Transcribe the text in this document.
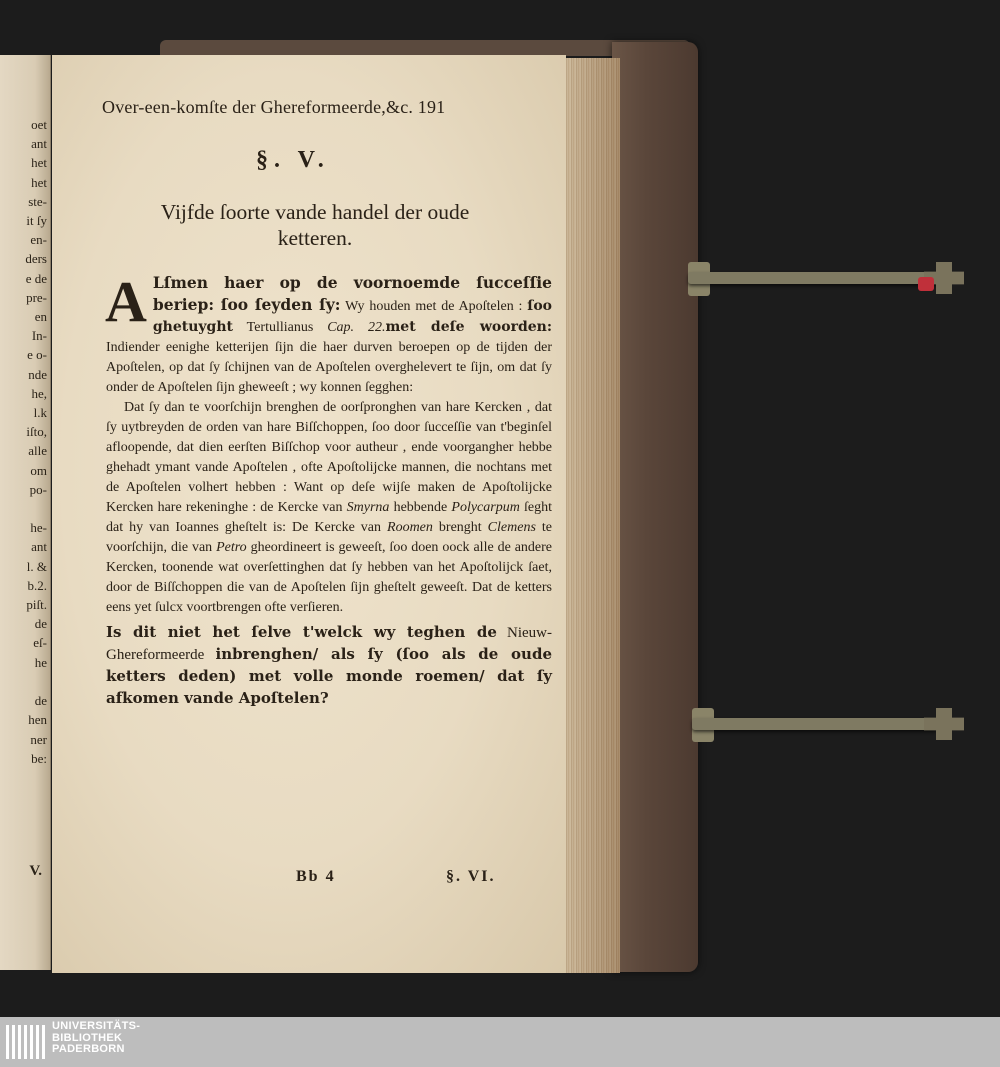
oet
ant
het
het
ste-
it ſy
en-
ders
e de
pre-
en
In-
e o-
nde
he,
l.k
iſto,
alle
om
po-

he-
ant
l. &
b.2.
piſt.
de
eſ-
he

de
hen
ner
be:
V.
Over-een-komſte der Ghereformeerde,&c. 191
§. V.
Vijfde ſoorte vande handel der oude
ketteren.

A Lſmen haer op de voornoemde ſucceſſie beriep: ſoo ſeyden ſy: Wy houden met de Apoſtelen : ſoo ghetuyght Tertullianus Cap. 22.met deſe woorden: Indiender eenighe ketterijen ſijn die haer durven beroepen op de tijden der Apoſtelen, op dat ſy ſchijnen van de Apoſtelen overghelevert te ſijn, om dat ſy onder de Apoſtelen ſijn gheweeſt ; wy konnen ſegghen:

Dat ſy dan te voorſchijn brenghen de oorſpronghen van hare Kercken , dat ſy uytbreyden de orden van hare Biſſchoppen, ſoo door ſucceſſie van t'beginſel afloopende, dat dien eerſten Biſſchop voor autheur , ende voorgangher hebbe ghehadt ymant vande Apoſtelen , ofte Apoſtolijcke mannen, die nochtans met de Apoſtelen volhert hebben : Want op deſe wijſe maken de Apoſtolijcke Kercken hare rekeninghe : de Kercke van Smyrna hebbende Polycarpum ſeght dat hy van Ioannes gheſtelt is: De Kercke van Roomen brenght Clemens te voorſchijn, die van Petro gheordineert is geweeſt, ſoo doen oock alle de andere Kercken, toonende wat overſettinghen dat ſy hebben van het Apoſtolijck ſaet, door de Biſſchoppen die van de Apoſtelen ſijn gheſtelt geweeſt. Dat de ketters eens yet ſulcx voortbrengen ofte verſieren.

Is dit niet het ſelve t'welck wy teghen de Nieuw-Ghereformeerde inbrenghen/ als ſy (ſoo als de oude ketters deden) met volle monde roemen/ dat ſy afkomen vande Apoſtelen?

Bb 4	§. VI.
UNIVERSITÄTS-
BIBLIOTHEK
PADERBORN
